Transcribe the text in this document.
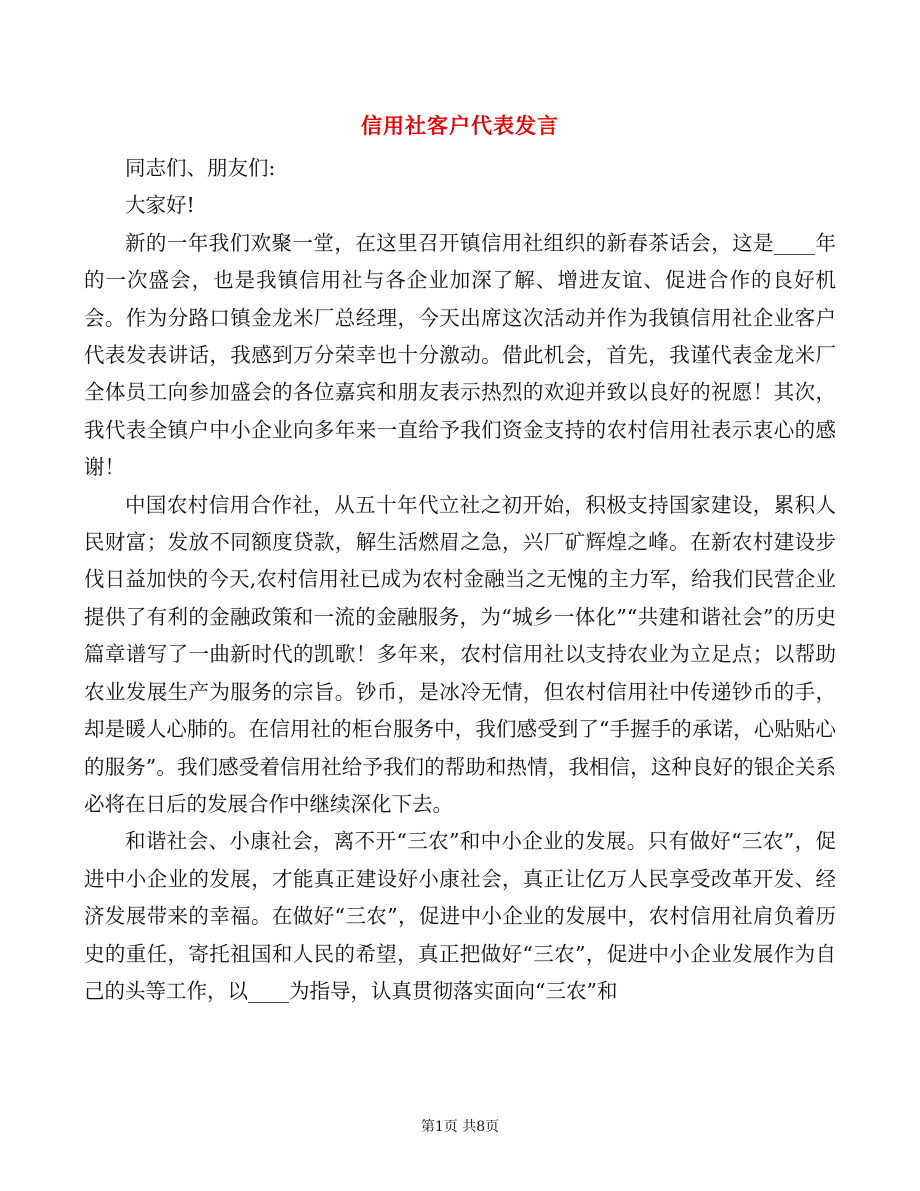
信用社客户代表发言

同志们、朋友们:

大家好!

新的一年我们欢聚一堂，在这里召开镇信用社组织的新春茶话会，这是____年的一次盛会，也是我镇信用社与各企业加深了解、增进友谊、促进合作的良好机会。作为分路口镇金龙米厂总经理，今天出席这次活动并作为我镇信用社企业客户代表发表讲话，我感到万分荣幸也十分激动。借此机会，首先，我谨代表金龙米厂全体员工向参加盛会的各位嘉宾和朋友表示热烈的欢迎并致以良好的祝愿！其次，我代表全镇户中小企业向多年来一直给予我们资金支持的农村信用社表示衷心的感谢！

中国农村信用合作社，从五十年代立社之初开始，积极支持国家建设，累积人民财富；发放不同额度贷款，解生活燃眉之急，兴厂矿辉煌之峰。在新农村建设步伐日益加快的今天,农村信用社已成为农村金融当之无愧的主力军，给我们民营企业提供了有利的金融政策和一流的金融服务，为“城乡一体化”“共建和谐社会”的历史篇章谱写了一曲新时代的凯歌！多年来，农村信用社以支持农业为立足点；以帮助农业发展生产为服务的宗旨。钞币，是冰冷无情，但农村信用社中传递钞币的手，却是暖人心肺的。在信用社的柜台服务中，我们感受到了“手握手的承诺，心贴贴心的服务”。我们感受着信用社给予我们的帮助和热情，我相信，这种良好的银企关系必将在日后的发展合作中继续深化下去。

和谐社会、小康社会，离不开“三农”和中小企业的发展。只有做好“三农”，促进中小企业的发展，才能真正建设好小康社会，真正让亿万人民享受改革开发、经济发展带来的幸福。在做好“三农”，促进中小企业的发展中，农村信用社肩负着历史的重任，寄托祖国和人民的希望，真正把做好“三农”，促进中小企业发展作为自己的头等工作，以____为指导，认真贯彻落实面向“三农”和

第1页 共8页
